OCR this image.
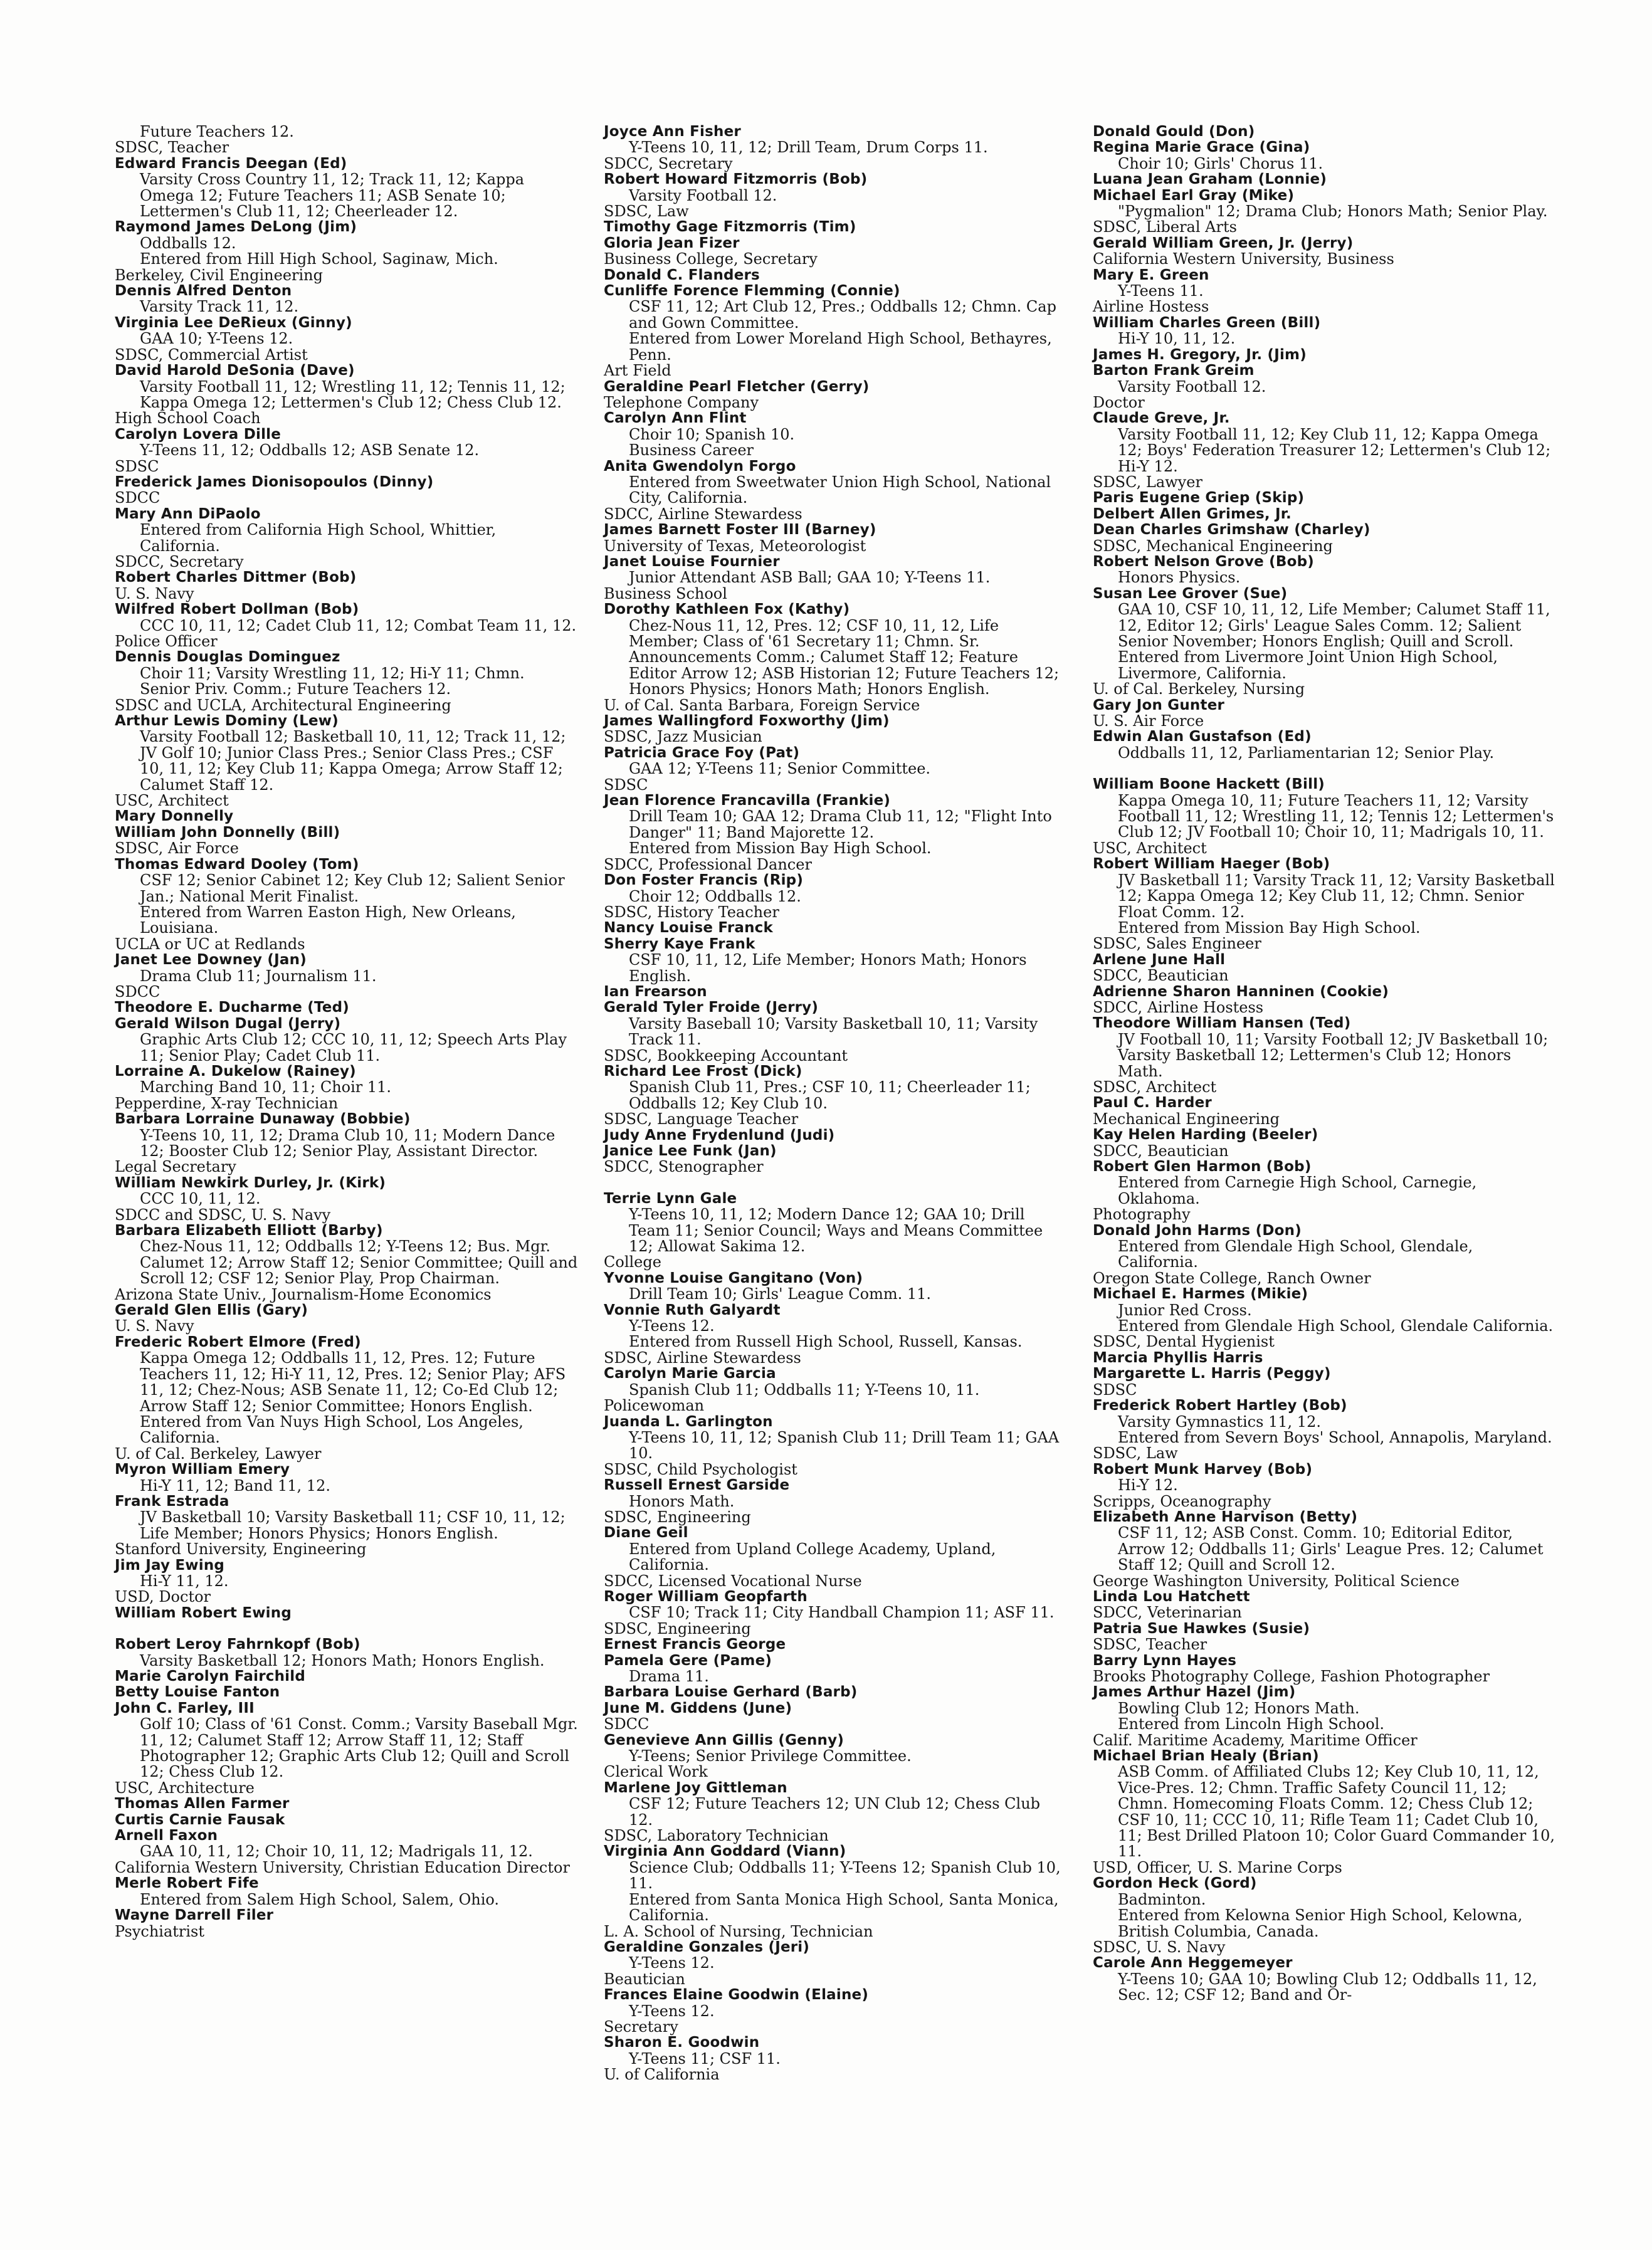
Future Teachers 12.

SDSC, Teacher

Edward Francis Deegan (Ed)

Varsity Cross Country 11, 12; Track 11, 12; Kappa Omega 12; Future Teachers 11; ASB Senate 10; Lettermen's Club 11, 12; Cheerleader 12.

Raymond James DeLong (Jim)

Oddballs 12.

Entered from Hill High School, Saginaw, Mich.

Berkeley, Civil Engineering

Dennis Alfred Denton

Varsity Track 11, 12.

Virginia Lee DeRieux (Ginny)

GAA 10; Y-Teens 12.

SDSC, Commercial Artist

David Harold DeSonia (Dave)

Varsity Football 11, 12; Wrestling 11, 12; Tennis 11, 12; Kappa Omega 12; Lettermen's Club 12; Chess Club 12.

High School Coach

Carolyn Lovera Dille

Y-Teens 11, 12; Oddballs 12; ASB Senate 12.

SDSC

Frederick James Dionisopoulos (Dinny)

SDCC

Mary Ann DiPaolo

Entered from California High School, Whittier, California.

SDCC, Secretary

Robert Charles Dittmer (Bob)

U. S. Navy

Wilfred Robert Dollman (Bob)

CCC 10, 11, 12; Cadet Club 11, 12; Combat Team 11, 12.

Police Officer

Dennis Douglas Dominguez

Choir 11; Varsity Wrestling 11, 12; Hi-Y 11; Chmn. Senior Priv. Comm.; Future Teachers 12.

SDSC and UCLA, Architectural Engineering

Arthur Lewis Dominy (Lew)

Varsity Football 12; Basketball 10, 11, 12; Track 11, 12; JV Golf 10; Junior Class Pres.; Senior Class Pres.; CSF 10, 11, 12; Key Club 11; Kappa Omega; Arrow Staff 12; Calumet Staff 12.

USC, Architect

Mary Donnelly

William John Donnelly (Bill)

SDSC, Air Force

Thomas Edward Dooley (Tom)

CSF 12; Senior Cabinet 12; Key Club 12; Salient Senior Jan.; National Merit Finalist.

Entered from Warren Easton High, New Orleans, Louisiana.

UCLA or UC at Redlands

Janet Lee Downey (Jan)

Drama Club 11; Journalism 11.

SDCC

Theodore E. Ducharme (Ted)

Gerald Wilson Dugal (Jerry)

Graphic Arts Club 12; CCC 10, 11, 12; Speech Arts Play 11; Senior Play; Cadet Club 11.

Lorraine A. Dukelow (Rainey)

Marching Band 10, 11; Choir 11.

Pepperdine, X-ray Technician

Barbara Lorraine Dunaway (Bobbie)

Y-Teens 10, 11, 12; Drama Club 10, 11; Modern Dance 12; Booster Club 12; Senior Play, Assistant Director.

Legal Secretary

William Newkirk Durley, Jr. (Kirk)

CCC 10, 11, 12.

SDCC and SDSC, U. S. Navy

Barbara Elizabeth Elliott (Barby)

Chez-Nous 11, 12; Oddballs 12; Y-Teens 12; Bus. Mgr. Calumet 12; Arrow Staff 12; Senior Committee; Quill and Scroll 12; CSF 12; Senior Play, Prop Chairman.

Arizona State Univ., Journalism-Home Economics

Gerald Glen Ellis (Gary)

U. S. Navy

Frederic Robert Elmore (Fred)

Kappa Omega 12; Oddballs 11, 12, Pres. 12; Future Teachers 11, 12; Hi-Y 11, 12, Pres. 12; Senior Play; AFS 11, 12; Chez-Nous; ASB Senate 11, 12; Co-Ed Club 12; Arrow Staff 12; Senior Committee; Honors English.

Entered from Van Nuys High School, Los Angeles, California.

U. of Cal. Berkeley, Lawyer

Myron William Emery

Hi-Y 11, 12; Band 11, 12.

Frank Estrada

JV Basketball 10; Varsity Basketball 11; CSF 10, 11, 12; Life Member; Honors Physics; Honors English.

Stanford University, Engineering

Jim Jay Ewing

Hi-Y 11, 12.

USD, Doctor

William Robert Ewing

Robert Leroy Fahrnkopf (Bob)

Varsity Basketball 12; Honors Math; Honors English.

Marie Carolyn Fairchild

Betty Louise Fanton

John C. Farley, III

Golf 10; Class of '61 Const. Comm.; Varsity Baseball Mgr. 11, 12; Calumet Staff 12; Arrow Staff 11, 12; Staff Photographer 12; Graphic Arts Club 12; Quill and Scroll 12; Chess Club 12.

USC, Architecture

Thomas Allen Farmer

Curtis Carnie Fausak

Arnell Faxon

GAA 10, 11, 12; Choir 10, 11, 12; Madrigals 11, 12.

California Western University, Christian Education Director

Merle Robert Fife

Entered from Salem High School, Salem, Ohio.

Wayne Darrell Filer

Psychiatrist

Joyce Ann Fisher

Y-Teens 10, 11, 12; Drill Team, Drum Corps 11.

SDCC, Secretary

Robert Howard Fitzmorris (Bob)

Varsity Football 12.

SDSC, Law

Timothy Gage Fitzmorris (Tim)

Gloria Jean Fizer

Business College, Secretary

Donald C. Flanders

Cunliffe Forence Flemming (Connie)

CSF 11, 12; Art Club 12, Pres.; Oddballs 12; Chmn. Cap and Gown Committee.

Entered from Lower Moreland High School, Bethayres, Penn.

Art Field

Geraldine Pearl Fletcher (Gerry)

Telephone Company

Carolyn Ann Flint

Choir 10; Spanish 10.

Business Career

Anita Gwendolyn Forgo

Entered from Sweetwater Union High School, National City, California.

SDCC, Airline Stewardess

James Barnett Foster III (Barney)

University of Texas, Meteorologist

Janet Louise Fournier

Junior Attendant ASB Ball; GAA 10; Y-Teens 11.

Business School

Dorothy Kathleen Fox (Kathy)

Chez-Nous 11, 12, Pres. 12; CSF 10, 11, 12, Life Member; Class of '61 Secretary 11; Chmn. Sr. Announcements Comm.; Calumet Staff 12; Feature Editor Arrow 12; ASB Historian 12; Future Teachers 12; Honors Physics; Honors Math; Honors English.

U. of Cal. Santa Barbara, Foreign Service

James Wallingford Foxworthy (Jim)

SDSC, Jazz Musician

Patricia Grace Foy (Pat)

GAA 12; Y-Teens 11; Senior Committee.

SDSC

Jean Florence Francavilla (Frankie)

Drill Team 10; GAA 12; Drama Club 11, 12; "Flight Into Danger" 11; Band Majorette 12.

Entered from Mission Bay High School.

SDCC, Professional Dancer

Don Foster Francis (Rip)

Choir 12; Oddballs 12.

SDSC, History Teacher

Nancy Louise Franck

Sherry Kaye Frank

CSF 10, 11, 12, Life Member; Honors Math; Honors English.

Ian Frearson

Gerald Tyler Froide (Jerry)

Varsity Baseball 10; Varsity Basketball 10, 11; Varsity Track 11.

SDSC, Bookkeeping Accountant

Richard Lee Frost (Dick)

Spanish Club 11, Pres.; CSF 10, 11; Cheerleader 11; Oddballs 12; Key Club 10.

SDSC, Language Teacher

Judy Anne Frydenlund (Judi)

Janice Lee Funk (Jan)

SDCC, Stenographer

Terrie Lynn Gale

Y-Teens 10, 11, 12; Modern Dance 12; GAA 10; Drill Team 11; Senior Council; Ways and Means Committee 12; Allowat Sakima 12.

College

Yvonne Louise Gangitano (Von)

Drill Team 10; Girls' League Comm. 11.

Vonnie Ruth Galyardt

Y-Teens 12.

Entered from Russell High School, Russell, Kansas.

SDSC, Airline Stewardess

Carolyn Marie Garcia

Spanish Club 11; Oddballs 11; Y-Teens 10, 11.

Policewoman

Juanda L. Garlington

Y-Teens 10, 11, 12; Spanish Club 11; Drill Team 11; GAA 10.

SDSC, Child Psychologist

Russell Ernest Garside

Honors Math.

SDSC, Engineering

Diane Geil

Entered from Upland College Academy, Upland, California.

SDCC, Licensed Vocational Nurse

Roger William Geopfarth

CSF 10; Track 11; City Handball Champion 11; ASF 11.

SDSC, Engineering

Ernest Francis George

Pamela Gere (Pame)

Drama 11.

Barbara Louise Gerhard (Barb)

June M. Giddens (June)

SDCC

Genevieve Ann Gillis (Genny)

Y-Teens; Senior Privilege Committee.

Clerical Work

Marlene Joy Gittleman

CSF 12; Future Teachers 12; UN Club 12; Chess Club 12.

SDSC, Laboratory Technician

Virginia Ann Goddard (Viann)

Science Club; Oddballs 11; Y-Teens 12; Spanish Club 10, 11.

Entered from Santa Monica High School, Santa Monica, California.

L. A. School of Nursing, Technician

Geraldine Gonzales (Jeri)

Y-Teens 12.

Beautician

Frances Elaine Goodwin (Elaine)

Y-Teens 12.

Secretary

Sharon E. Goodwin

Y-Teens 11; CSF 11.

U. of California

Donald Gould (Don)

Regina Marie Grace (Gina)

Choir 10; Girls' Chorus 11.

Luana Jean Graham (Lonnie)

Michael Earl Gray (Mike)

"Pygmalion" 12; Drama Club; Honors Math; Senior Play.

SDSC, Liberal Arts

Gerald William Green, Jr. (Jerry)

California Western University, Business

Mary E. Green

Y-Teens 11.

Airline Hostess

William Charles Green (Bill)

Hi-Y 10, 11, 12.

James H. Gregory, Jr. (Jim)

Barton Frank Greim

Varsity Football 12.

Doctor

Claude Greve, Jr.

Varsity Football 11, 12; Key Club 11, 12; Kappa Omega 12; Boys' Federation Treasurer 12; Lettermen's Club 12; Hi-Y 12.

SDSC, Lawyer

Paris Eugene Griep (Skip)

Delbert Allen Grimes, Jr.

Dean Charles Grimshaw (Charley)

SDSC, Mechanical Engineering

Robert Nelson Grove (Bob)

Honors Physics.

Susan Lee Grover (Sue)

GAA 10, CSF 10, 11, 12, Life Member; Calumet Staff 11, 12, Editor 12; Girls' League Sales Comm. 12; Salient Senior November; Honors English; Quill and Scroll.

Entered from Livermore Joint Union High School, Livermore, California.

U. of Cal. Berkeley, Nursing

Gary Jon Gunter

U. S. Air Force

Edwin Alan Gustafson (Ed)

Oddballs 11, 12, Parliamentarian 12; Senior Play.

William Boone Hackett (Bill)

Kappa Omega 10, 11; Future Teachers 11, 12; Varsity Football 11, 12; Wrestling 11, 12; Tennis 12; Lettermen's Club 12; JV Football 10; Choir 10, 11; Madrigals 10, 11.

USC, Architect

Robert William Haeger (Bob)

JV Basketball 11; Varsity Track 11, 12; Varsity Basketball 12; Kappa Omega 12; Key Club 11, 12; Chmn. Senior Float Comm. 12.

Entered from Mission Bay High School.

SDSC, Sales Engineer

Arlene June Hall

SDCC, Beautician

Adrienne Sharon Hanninen (Cookie)

SDCC, Airline Hostess

Theodore William Hansen (Ted)

JV Football 10, 11; Varsity Football 12; JV Basketball 10; Varsity Basketball 12; Lettermen's Club 12; Honors Math.

SDSC, Architect

Paul C. Harder

Mechanical Engineering

Kay Helen Harding (Beeler)

SDCC, Beautician

Robert Glen Harmon (Bob)

Entered from Carnegie High School, Carnegie, Oklahoma.

Photography

Donald John Harms (Don)

Entered from Glendale High School, Glendale, California.

Oregon State College, Ranch Owner

Michael E. Harmes (Mikie)

Junior Red Cross.

Entered from Glendale High School, Glendale California.

SDSC, Dental Hygienist

Marcia Phyllis Harris

Margarette L. Harris (Peggy)

SDSC

Frederick Robert Hartley (Bob)

Varsity Gymnastics 11, 12.

Entered from Severn Boys' School, Annapolis, Maryland.

SDSC, Law

Robert Munk Harvey (Bob)

Hi-Y 12.

Scripps, Oceanography

Elizabeth Anne Harvison (Betty)

CSF 11, 12; ASB Const. Comm. 10; Editorial Editor, Arrow 12; Oddballs 11; Girls' League Pres. 12; Calumet Staff 12; Quill and Scroll 12.

George Washington University, Political Science

Linda Lou Hatchett

SDCC, Veterinarian

Patria Sue Hawkes (Susie)

SDSC, Teacher

Barry Lynn Hayes

Brooks Photography College, Fashion Photographer

James Arthur Hazel (Jim)

Bowling Club 12; Honors Math.

Entered from Lincoln High School.

Calif. Maritime Academy, Maritime Officer

Michael Brian Healy (Brian)

ASB Comm. of Affiliated Clubs 12; Key Club 10, 11, 12, Vice-Pres. 12; Chmn. Traffic Safety Council 11, 12; Chmn. Homecoming Floats Comm. 12; Chess Club 12; CSF 10, 11; CCC 10, 11; Rifle Team 11; Cadet Club 10, 11; Best Drilled Platoon 10; Color Guard Commander 10, 11.

USD, Officer, U. S. Marine Corps

Gordon Heck (Gord)

Badminton.

Entered from Kelowna Senior High School, Kelowna, British Columbia, Canada.

SDSC, U. S. Navy

Carole Ann Heggemeyer

Y-Teens 10; GAA 10; Bowling Club 12; Oddballs 11, 12, Sec. 12; CSF 12; Band and Or-
